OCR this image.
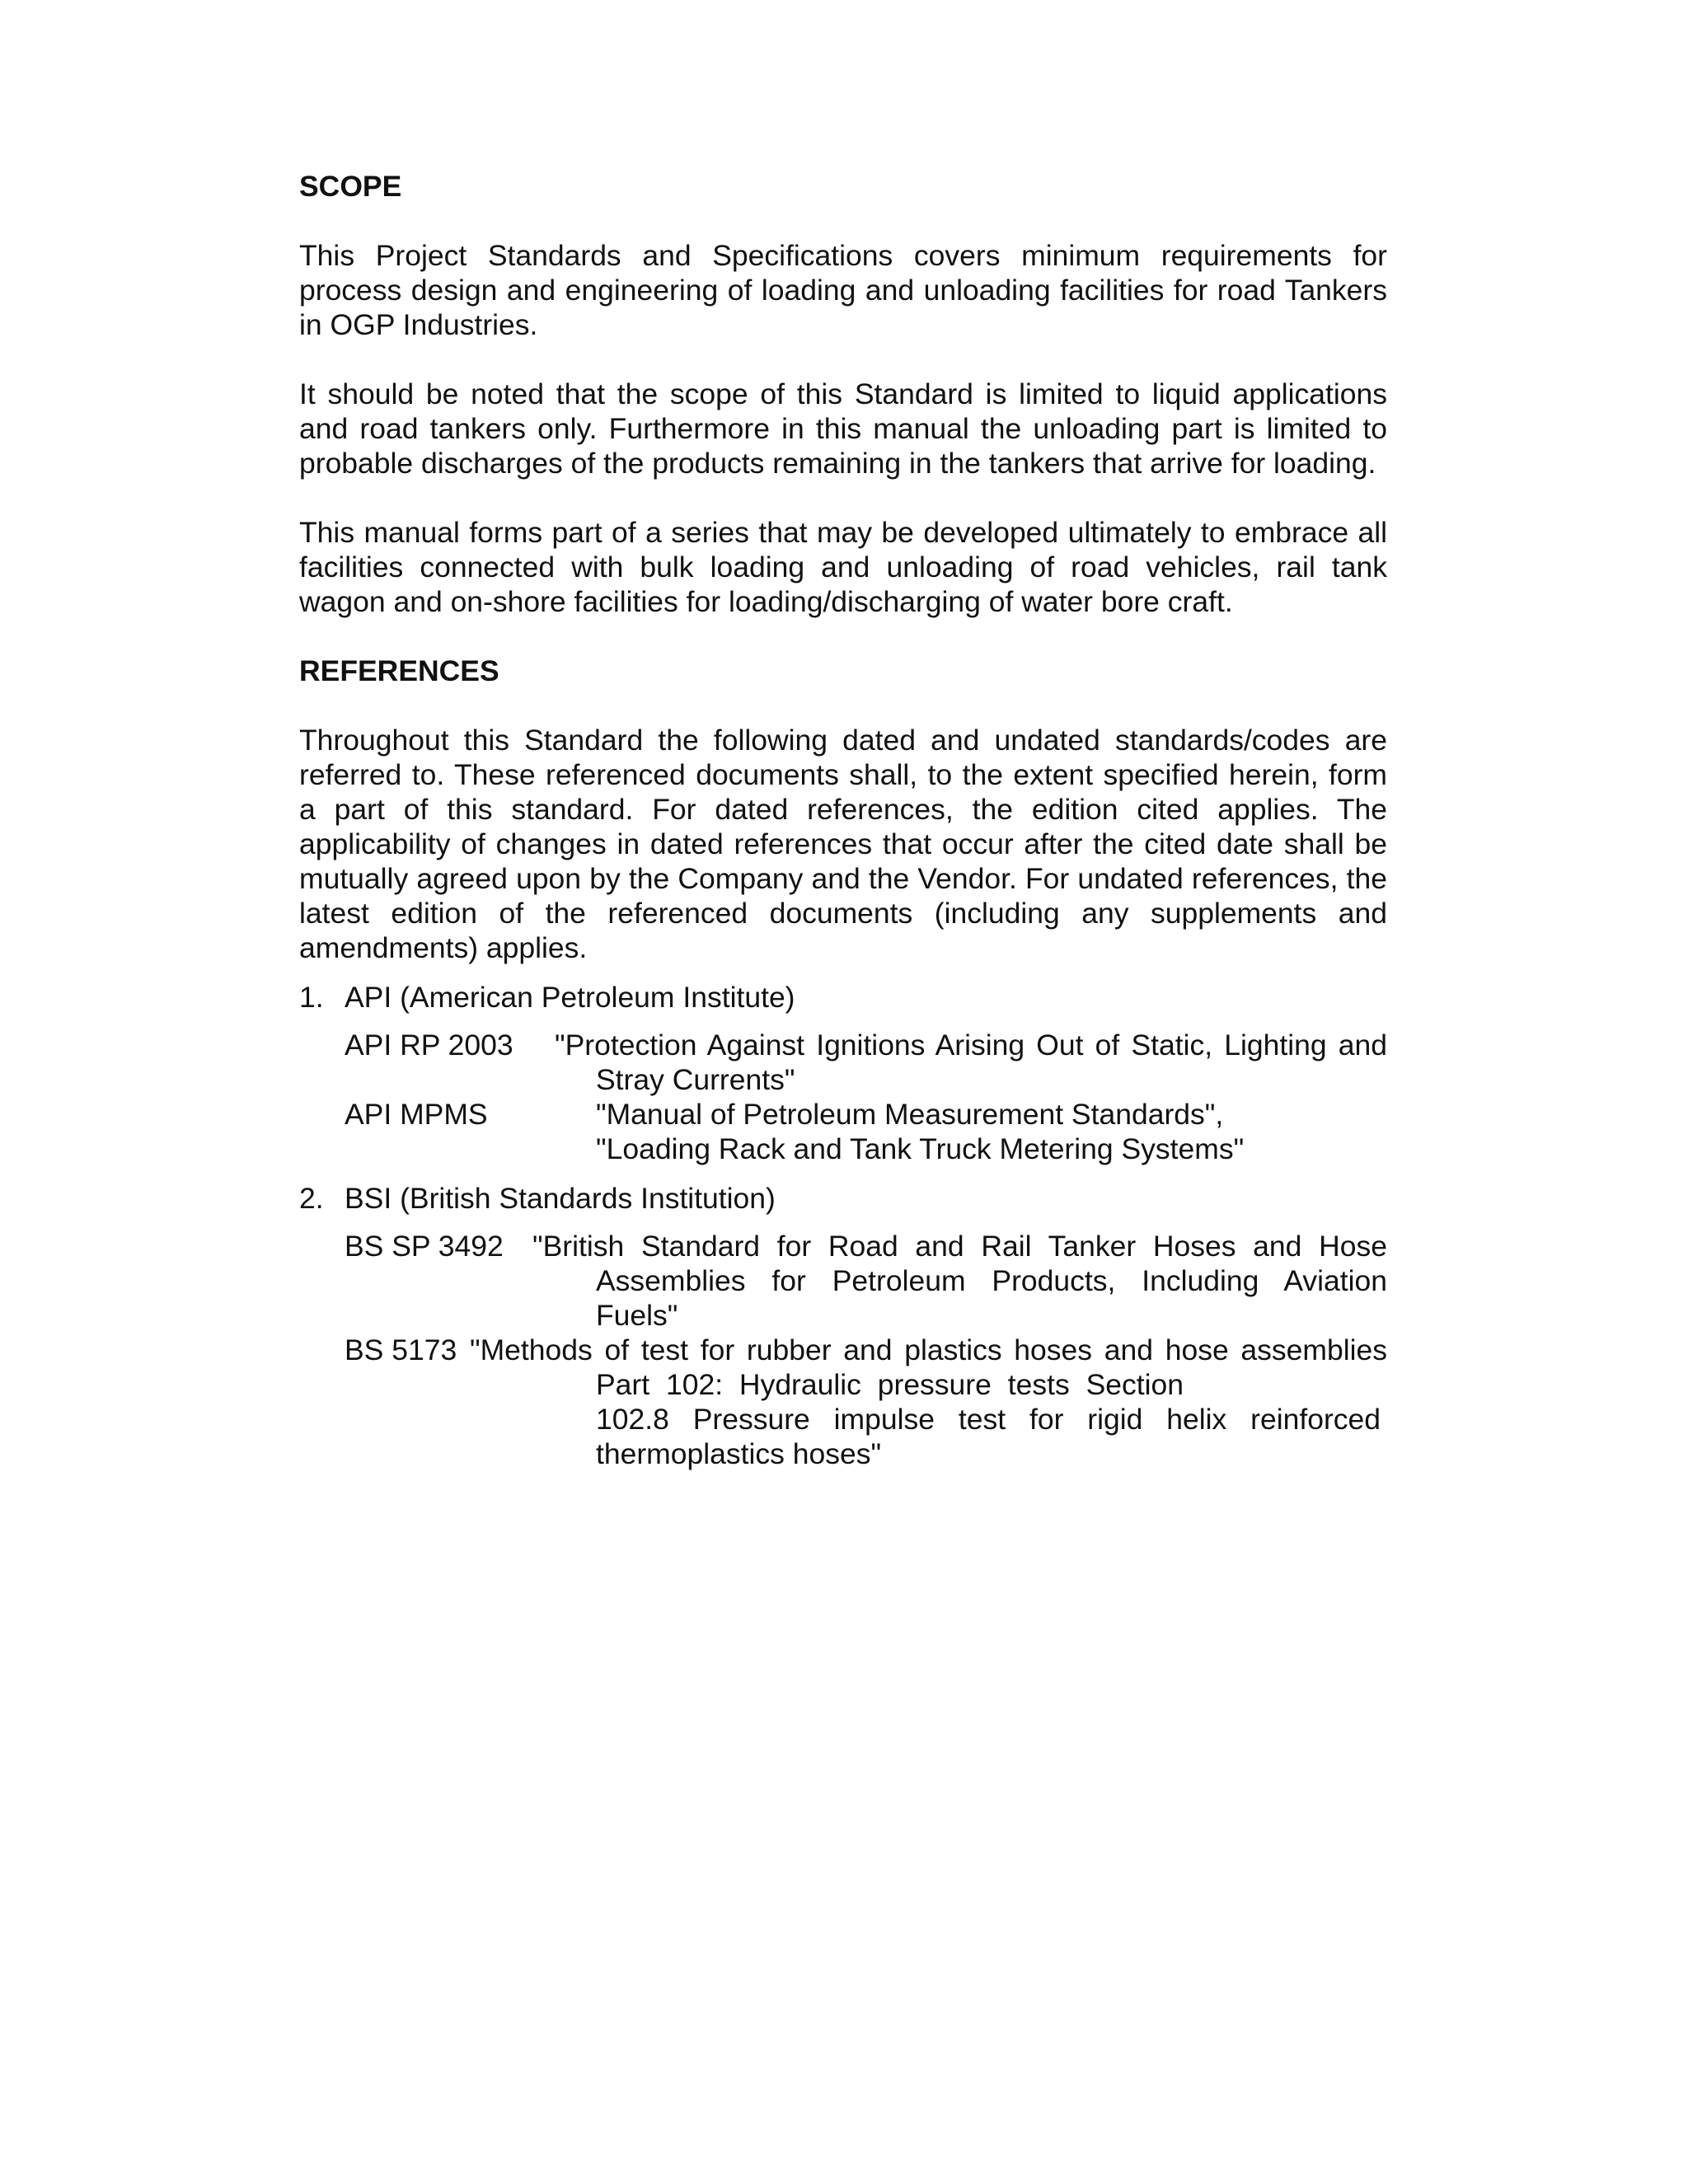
SCOPE

This Project Standards and Specifications covers minimum requirements for process design and engineering of loading and unloading facilities for road Tankers in OGP Industries.

It should be noted that the scope of this Standard is limited to liquid applications and road tankers only. Furthermore in this manual the unloading part is limited to probable discharges of the products remaining in the tankers that arrive for loading.

This manual forms part of a series that may be developed ultimately to embrace all facilities connected with bulk loading and unloading of road vehicles, rail tank wagon and on-shore facilities for loading/discharging of water bore craft.

REFERENCES

Throughout this Standard the following dated and undated standards/codes are referred to. These referenced documents shall, to the extent specified herein, form a part of this standard. For dated references, the edition cited applies. The applicability of changes in dated references that occur after the cited date shall be mutually agreed upon by the Company and the Vendor. For undated references, the latest edition of the referenced documents (including any supplements and amendments) applies.

1. API (American Petroleum Institute)
API RP 2003	"Protection Against Ignitions Arising Out of Static, Lighting and
Stray Currents"
API MPMS	"Manual of Petroleum Measurement Standards",
"Loading Rack and Tank Truck Metering Systems"
2. BSI (British Standards Institution)
BS SP 3492 "British Standard for Road and Rail Tanker Hoses and Hose
Assemblies for Petroleum Products, Including Aviation
Fuels"
BS 5173 "Methods of test for rubber and plastics hoses and hose assemblies
Part 102: Hydraulic pressure tests Section
102.8 Pressure impulse test for rigid helix reinforced
thermoplastics hoses"
